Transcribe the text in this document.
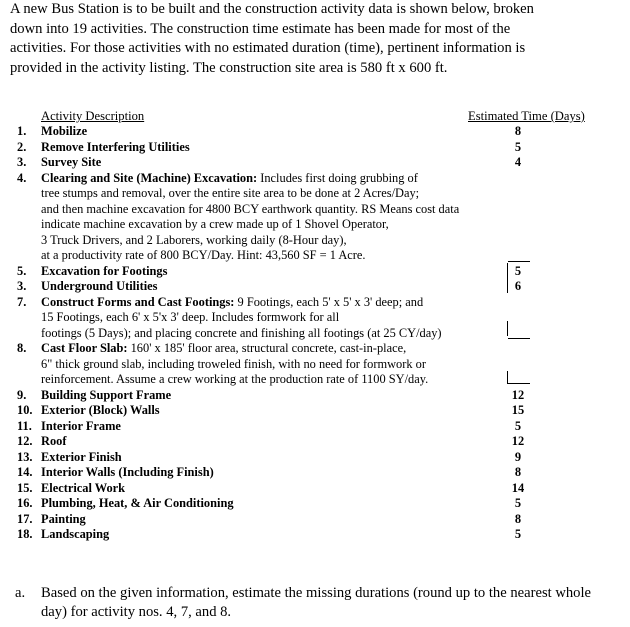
A new Bus Station is to be built and the construction activity data is shown below, broken
down into 19 activities. The construction time estimate has been made for most of the
activities. For those activities with no estimated duration (time), pertinent information is
provided in the activity listing. The construction site area is 580 ft x 600 ft.
Activity Description	Estimated Time (Days)
1. Mobilize	8
2. Remove Interfering Utilities	5
3. Survey Site	4
4. Clearing and Site (Machine) Excavation: Includes first doing grubbing of
tree stumps and removal, over the entire site area to be done at 2 Acres/Day;
and then machine excavation for 4800 BCY earthwork quantity. RS Means cost data
indicate machine excavation by a crew made up of 1 Shovel Operator,
3 Truck Drivers, and 2 Laborers, working daily (8-Hour day),
at a productivity rate of 800 BCY/Day. Hint: 43,560 SF = 1 Acre.
5. Excavation for Footings	5
3. Underground Utilities	6
7. Construct Forms and Cast Footings: 9 Footings, each 5' x 5' x 3' deep; and
15 Footings, each 6' x 5'x 3' deep. Includes formwork for all
footings (5 Days); and placing concrete and finishing all footings (at 25 CY/day)
8. Cast Floor Slab: 160' x 185' floor area, structural concrete, cast-in-place,
6" thick ground slab, including troweled finish, with no need for formwork or
reinforcement. Assume a crew working at the production rate of 1100 SY/day.
9. Building Support Frame	12
10. Exterior (Block) Walls	15
11. Interior Frame	5
12. Roof	12
13. Exterior Finish	9
14. Interior Walls (Including Finish)	8
15. Electrical Work	14
16. Plumbing, Heat, & Air Conditioning	5
17. Painting	8
18. Landscaping	5
a. Based on the given information, estimate the missing durations (round up to the nearest whole day) for activity nos. 4, 7, and 8.
